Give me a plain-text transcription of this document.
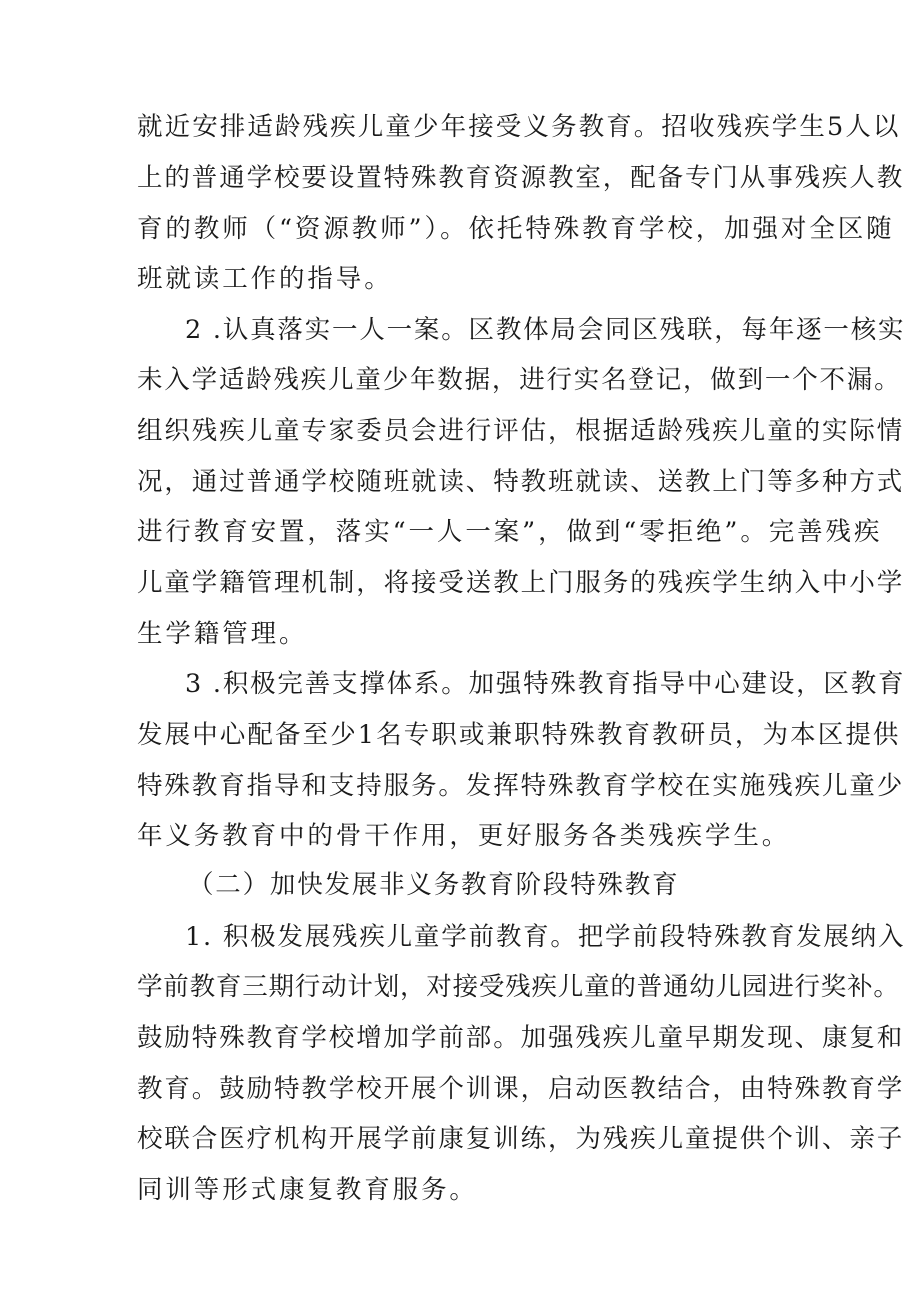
就近安排适龄残疾儿童少年接受义务教育。招收残疾学生5人以
上的普通学校要设置特殊教育资源教室，配备专门从事残疾人教
育的教师（“资源教师”）。依托特殊教育学校，加强对全区随
班就读工作的指导。
2 .认真落实一人一案。区教体局会同区残联，每年逐一核实
未入学适龄残疾儿童少年数据，进行实名登记，做到一个不漏。
组织残疾儿童专家委员会进行评估，根据适龄残疾儿童的实际情
况，通过普通学校随班就读、特教班就读、送教上门等多种方式
进行教育安置，落实“一人一案”，做到“零拒绝”。完善残疾
儿童学籍管理机制，将接受送教上门服务的残疾学生纳入中小学
生学籍管理。
3 .积极完善支撑体系。加强特殊教育指导中心建设，区教育
发展中心配备至少1名专职或兼职特殊教育教研员，为本区提供
特殊教育指导和支持服务。发挥特殊教育学校在实施残疾儿童少
年义务教育中的骨干作用，更好服务各类残疾学生。
（二）加快发展非义务教育阶段特殊教育
1. 积极发展残疾儿童学前教育。把学前段特殊教育发展纳入
学前教育三期行动计划，对接受残疾儿童的普通幼儿园进行奖补。
鼓励特殊教育学校增加学前部。加强残疾儿童早期发现、康复和
教育。鼓励特教学校开展个训课，启动医教结合，由特殊教育学
校联合医疗机构开展学前康复训练，为残疾儿童提供个训、亲子
同训等形式康复教育服务。
